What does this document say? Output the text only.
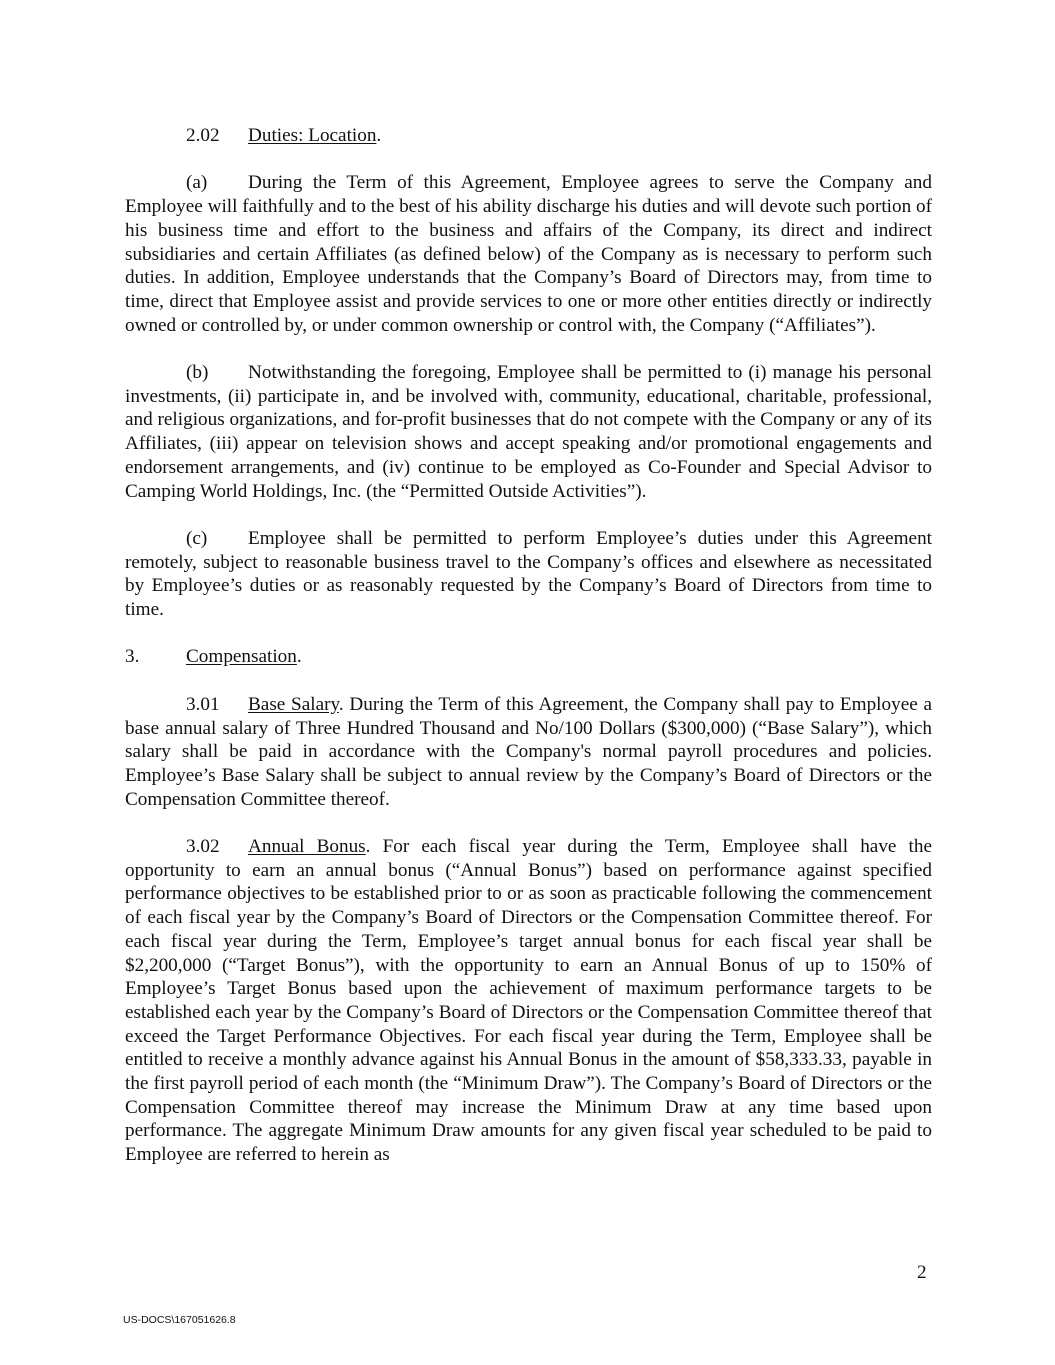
2.02 Duties: Location.

(a) During the Term of this Agreement, Employee agrees to serve the Company and Employee will faithfully and to the best of his ability discharge his duties and will devote such portion of his business time and effort to the business and affairs of the Company, its direct and indirect subsidiaries and certain Affiliates (as defined below) of the Company as is necessary to perform such duties. In addition, Employee understands that the Company’s Board of Directors may, from time to time, direct that Employee assist and provide services to one or more other entities directly or indirectly owned or controlled by, or under common ownership or control with, the Company (“Affiliates”).

(b) Notwithstanding the foregoing, Employee shall be permitted to (i) manage his personal investments, (ii) participate in, and be involved with, community, educational, charitable, professional, and religious organizations, and for-profit businesses that do not compete with the Company or any of its Affiliates, (iii) appear on television shows and accept speaking and/or promotional engagements and endorsement arrangements, and (iv) continue to be employed as Co-Founder and Special Advisor to Camping World Holdings, Inc. (the “Permitted Outside Activities”).

(c) Employee shall be permitted to perform Employee’s duties under this Agreement remotely, subject to reasonable business travel to the Company’s offices and elsewhere as necessitated by Employee’s duties or as reasonably requested by the Company’s Board of Directors from time to time.

3. Compensation.

3.01 Base Salary. During the Term of this Agreement, the Company shall pay to Employee a base annual salary of Three Hundred Thousand and No/100 Dollars ($300,000) (“Base Salary”), which salary shall be paid in accordance with the Company's normal payroll procedures and policies. Employee’s Base Salary shall be subject to annual review by the Company’s Board of Directors or the Compensation Committee thereof.

3.02 Annual Bonus. For each fiscal year during the Term, Employee shall have the opportunity to earn an annual bonus (“Annual Bonus”) based on performance against specified performance objectives to be established prior to or as soon as practicable following the commencement of each fiscal year by the Company’s Board of Directors or the Compensation Committee thereof. For each fiscal year during the Term, Employee’s target annual bonus for each fiscal year shall be $2,200,000 (“Target Bonus”), with the opportunity to earn an Annual Bonus of up to 150% of Employee’s Target Bonus based upon the achievement of maximum performance targets to be established each year by the Company’s Board of Directors or the Compensation Committee thereof that exceed the Target Performance Objectives. For each fiscal year during the Term, Employee shall be entitled to receive a monthly advance against his Annual Bonus in the amount of $58,333.33, payable in the first payroll period of each month (the “Minimum Draw”). The Company’s Board of Directors or the Compensation Committee thereof may increase the Minimum Draw at any time based upon performance. The aggregate Minimum Draw amounts for any given fiscal year scheduled to be paid to Employee are referred to herein as

2
US-DOCS\167051626.8
